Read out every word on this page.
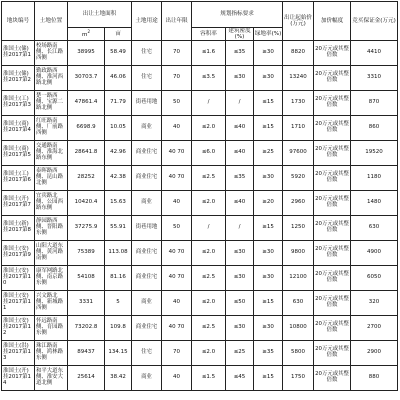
地块编号	土地位置	出让土地面积		土地用途	出让年限	规划指标要求			出让起始价(万元)	加价幅度	竞买保证金(万元)
		$m^2$	亩			容积率	建筑密度(%)	绿地率(%)			
淮国土(储)挂2017第1	校场路南侧、长江路西侧	38995	58.49	住宅	70	≤1.6	≤35	≥30	8820	20万元或其整倍数	4410
淮国土(储)挂2017第2	勤政路西侧、淮河西路北侧	30703.7	46.06	住宅	70	≤3.5	≤30	≥30	13240	20万元或其整倍数	3310
淮国土(工)挂2017第3	楚一路西侧、宝源二路北侧	47861.4	71.79	街巷用地	50	/	/	≤15	1730	20万元或其整倍数	870
淮国土(商)挂2017第4	红旺路南侧、厂前路西侧	6698.9	10.05	商业	40	≤2.0	≤40	≥15	1710	20万元或其整倍数	860
淮国土(商)挂2017第5	交通路南侧、淮海北路东侧	28641.8	42.96	商业住宅	40 70	≤6.0	≤40	≥25	97600	20万元或其整倍数	19520
淮国土(工)挂2017第6	泰晖路西侧、昆山路北侧	28252	42.38	商业住宅	40 70	≤2.5	≤35	≥30	5920	20万元或其整倍数	1180
淮国土(开)挂2017第7	宜宾路北侧、公园西路东侧	10420.4	15.63	商业	40	≤2.0	≤40	≥20	2960	20万元或其整倍数	1480
淮国土(新)挂2017第8	静园路西侧、晋阳路东侧	37275.9	55.91	街巷用地	50	/	/	≥15	1250	20万元或其整倍数	630
淮国土(安)挂2017第9	山阳大道东侧、黄河路南侧	75389	113.08	商业住宅	40 70	≤2.0	≤30	≥30	9800	20万元或其整倍数	4900
淮国土(安)挂2017第10	康军网路北侧、南京路东侧	54108	81.16	商业住宅	40 70	≤2.5	≤30	≥30	12100	20万元或其整倍数	6050
淮国土(安)挂2017第11	兴文路北侧、新城路西侧	3331	5	商业	40	≤2.0	≤50	≥15	630	20万元或其整倍数	320
淮国土(安)挂2017第12	怀远路南侧、育园路东侧	73202.8	109.8	商业住宅	40 70	≤2.5	≤30	≥30	10800	20万元或其整倍数	2700
淮国土(洪)挂2017第13	珠江路南侧、鸿林路东侧	89437	134.15	住宅	70	≤2.0	≤25	≥35	5800	20万元或其整倍数	2900
淮国土(开)挂2017第14	和平大道东侧、淮安大道北侧	25614	38.42	商业	40	≤1.5	≤45	≥15	1750	20万元或其整倍数	880
